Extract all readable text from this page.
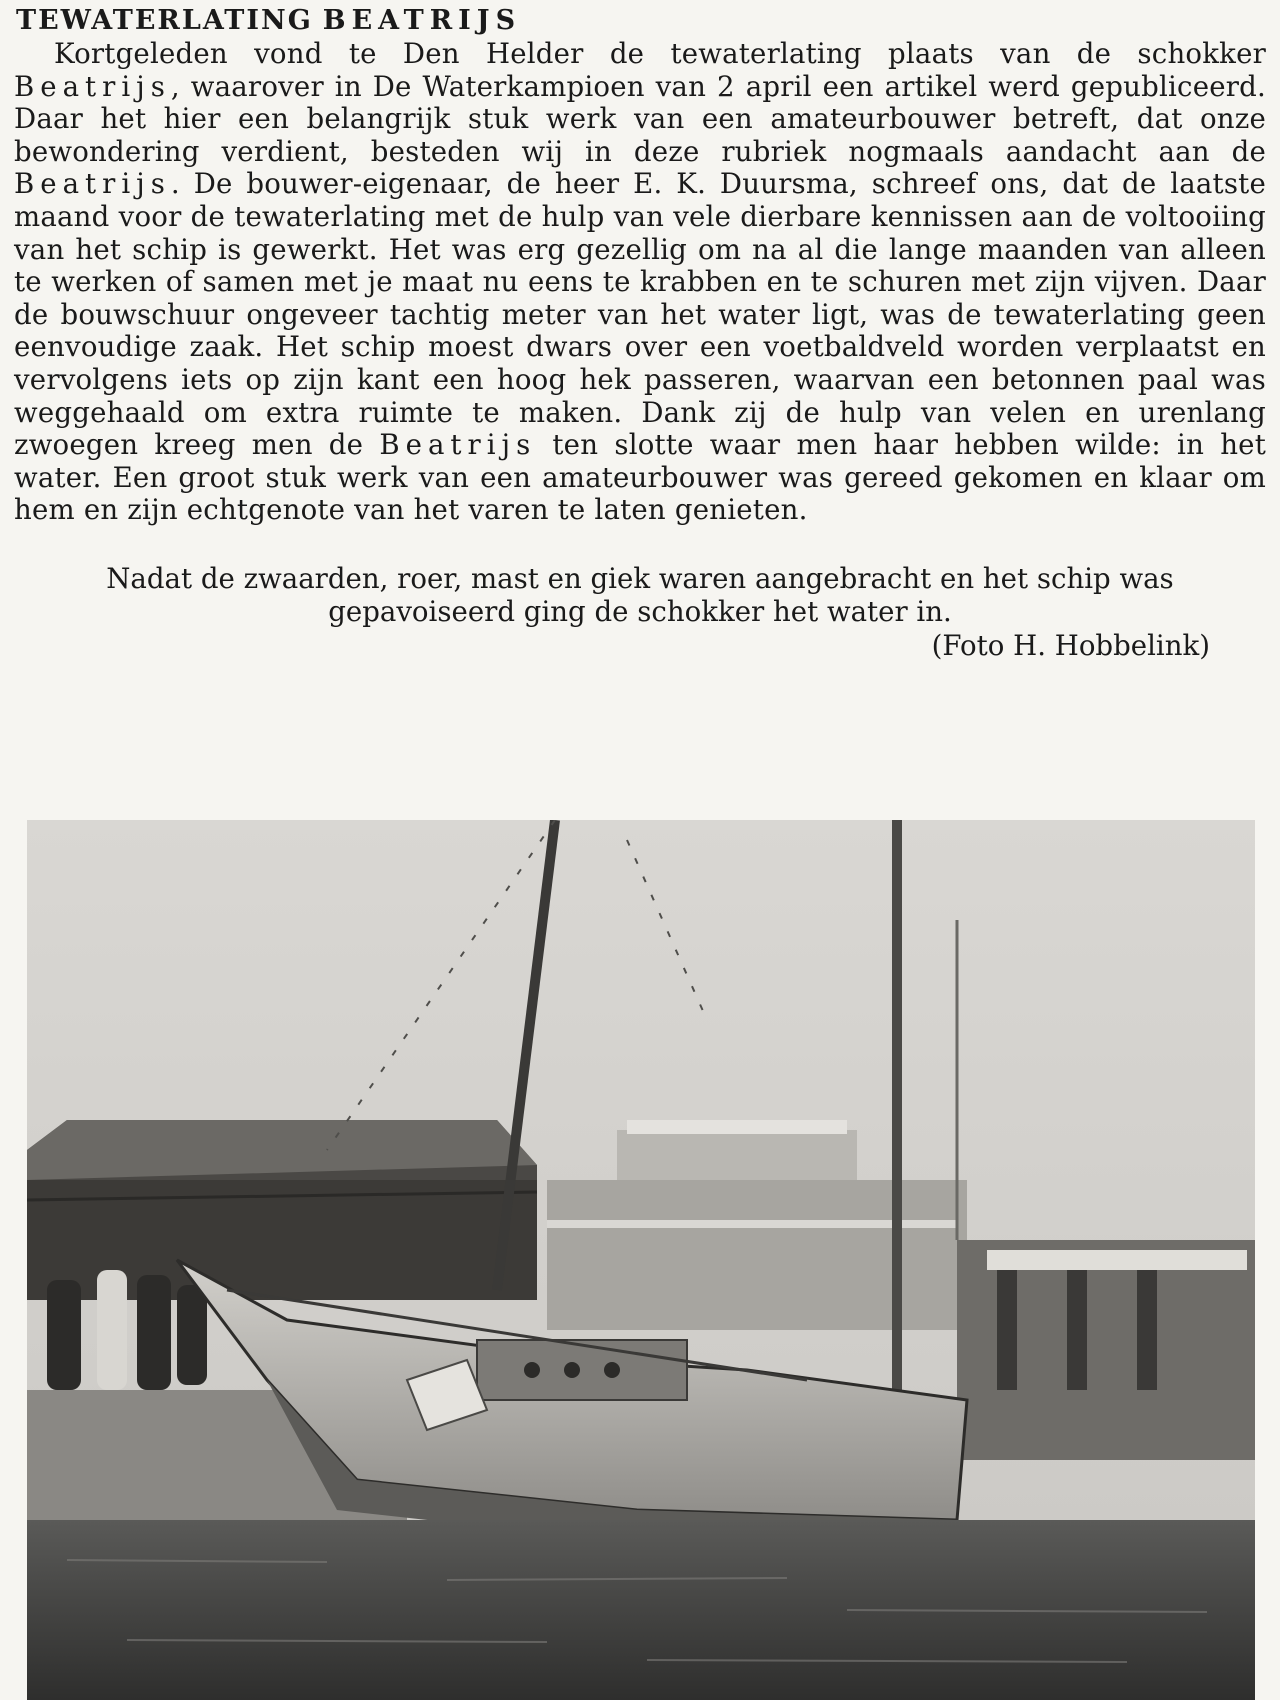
TEWATERLATING BEATRIJS

Kortgeleden vond te Den Helder de tewaterlating plaats van de schokker Beatrijs, waarover in De Waterkampioen van 2 april een artikel werd gepubliceerd. Daar het hier een belangrijk stuk werk van een amateurbouwer betreft, dat onze bewondering verdient, besteden wij in deze rubriek nogmaals aandacht aan de Beatrijs. De bouwer-eigenaar, de heer E. K. Duursma, schreef ons, dat de laatste maand voor de tewaterlating met de hulp van vele dierbare kennissen aan de voltooiing van het schip is gewerkt. Het was erg gezellig om na al die lange maanden van alleen te werken of samen met je maat nu eens te krabben en te schuren met zijn vijven. Daar de bouwschuur ongeveer tachtig meter van het water ligt, was de tewaterlating geen eenvoudige zaak. Het schip moest dwars over een voetbaldveld worden verplaatst en vervolgens iets op zijn kant een hoog hek passeren, waarvan een betonnen paal was weggehaald om extra ruimte te maken. Dank zij de hulp van velen en urenlang zwoegen kreeg men de Beatrijs ten slotte waar men haar hebben wilde: in het water. Een groot stuk werk van een amateurbouwer was gereed gekomen en klaar om hem en zijn echtgenote van het varen te laten genieten.

Nadat de zwaarden, roer, mast en giek waren aangebracht en het schip was gepavoiseerd ging de schokker het water in.

(Foto H. Hobbelink)
